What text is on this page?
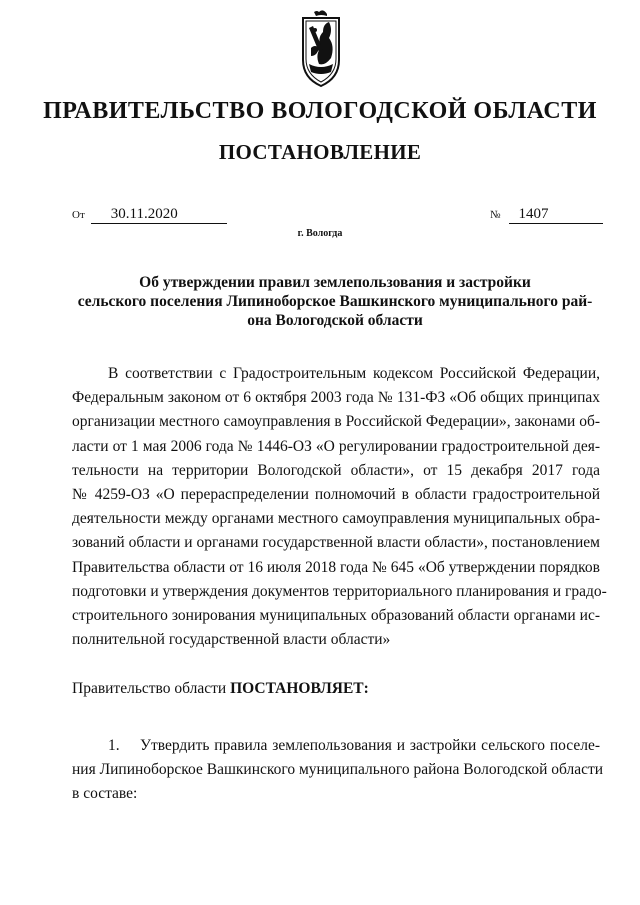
ПРАВИТЕЛЬСТВО ВОЛОГОДСКОЙ ОБЛАСТИ
ПОСТАНОВЛЕНИЕ
От 30.11.2020	№ 1407
г. Вологда
Об утверждении правил землепользования и застройки
сельского поселения Липиноборское Вашкинского муниципального рай-
она Вологодской области
В соответствии с Градостроительным кодексом Российской Федерации,
Федеральным законом от 6 октября 2003 года № 131-ФЗ «Об общих принципах
организации местного самоуправления в Российской Федерации», законами об-
ласти от 1 мая 2006 года № 1446-ОЗ «О регулировании градостроительной дея-
тельности на территории Вологодской области», от 15 декабря 2017 года
№ 4259-ОЗ «О перераспределении полномочий в области градостроительной
деятельности между органами местного самоуправления муниципальных обра-
зований области и органами государственной власти области», постановлением
Правительства области от 16 июля 2018 года № 645 «Об утверждении порядков
подготовки и утверждения документов территориального планирования и градо-
строительного зонирования муниципальных образований области органами ис-
полнительной государственной власти области»
Правительство области ПОСТАНОВЛЯЕТ:
1. Утвердить правила землепользования и застройки сельского поселе-
ния Липиноборское Вашкинского муниципального района Вологодской области
в составе:
